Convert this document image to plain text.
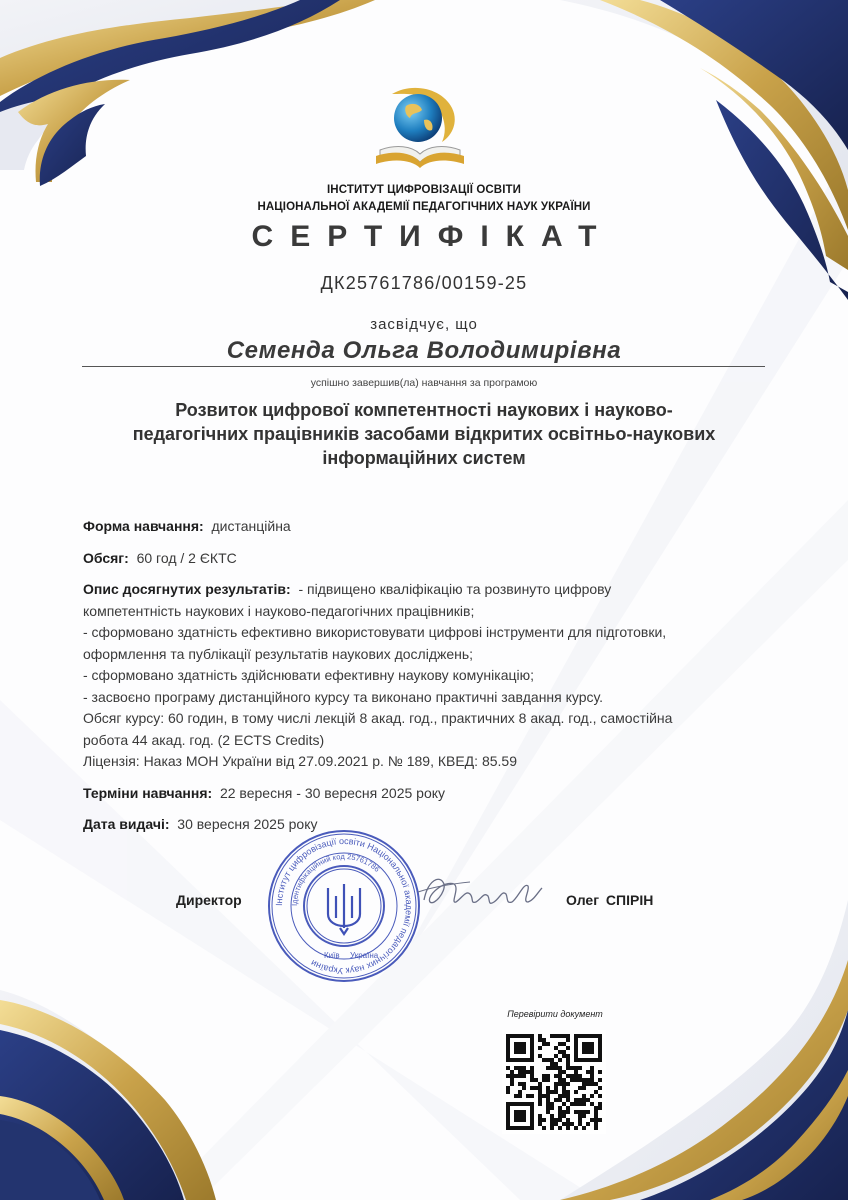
ІНСТИТУТ ЦИФРОВІЗАЦІЇ ОСВІТИ
НАЦІОНАЛЬНОЇ АКАДЕМІЇ ПЕДАГОГІЧНИХ НАУК УКРАЇНИ
СЕРТИФІКАТ
ДК25761786/00159-25
засвідчує, що
Семенда Ольга Володимирівна
успішно завершив(ла) навчання за програмою
Розвиток цифрової компетентності наукових і науково-
педагогічних працівників засобами відкритих освітньо-наукових
інформаційних систем

Форма навчання: дистанційна

Обсяг: 60 год / 2 ЄКТС

Опис досягнутих результатів: - підвищено кваліфікацію та розвинуто цифрову

компетентність наукових і науково-педагогічних працівників;

- сформовано здатність ефективно використовувати цифрові інструменти для підготовки,

оформлення та публікації результатів наукових досліджень;

- сформовано здатність здійснювати ефективну наукову комунікацію;

- засвоєно програму дистанційного курсу та виконано практичні завдання курсу.

Обсяг курсу: 60 годин, в тому числі лекцій 8 акад. год., практичних 8 акад. год., самостійна

робота 44 акад. год. (2 ECTS Credits)

Ліцензія: Наказ МОН України від 27.09.2021 р. № 189, КВЕД: 85.59

Терміни навчання: 22 вересня - 30 вересня 2025 року

Дата видачі: 30 вересня 2025 року

Інститут цифровізації освіти Національної академії педагогічних наук України
Ідентифікаційний код 25761786
Київ Україна
Директор	Олег СПІРІН
Перевірити документ
